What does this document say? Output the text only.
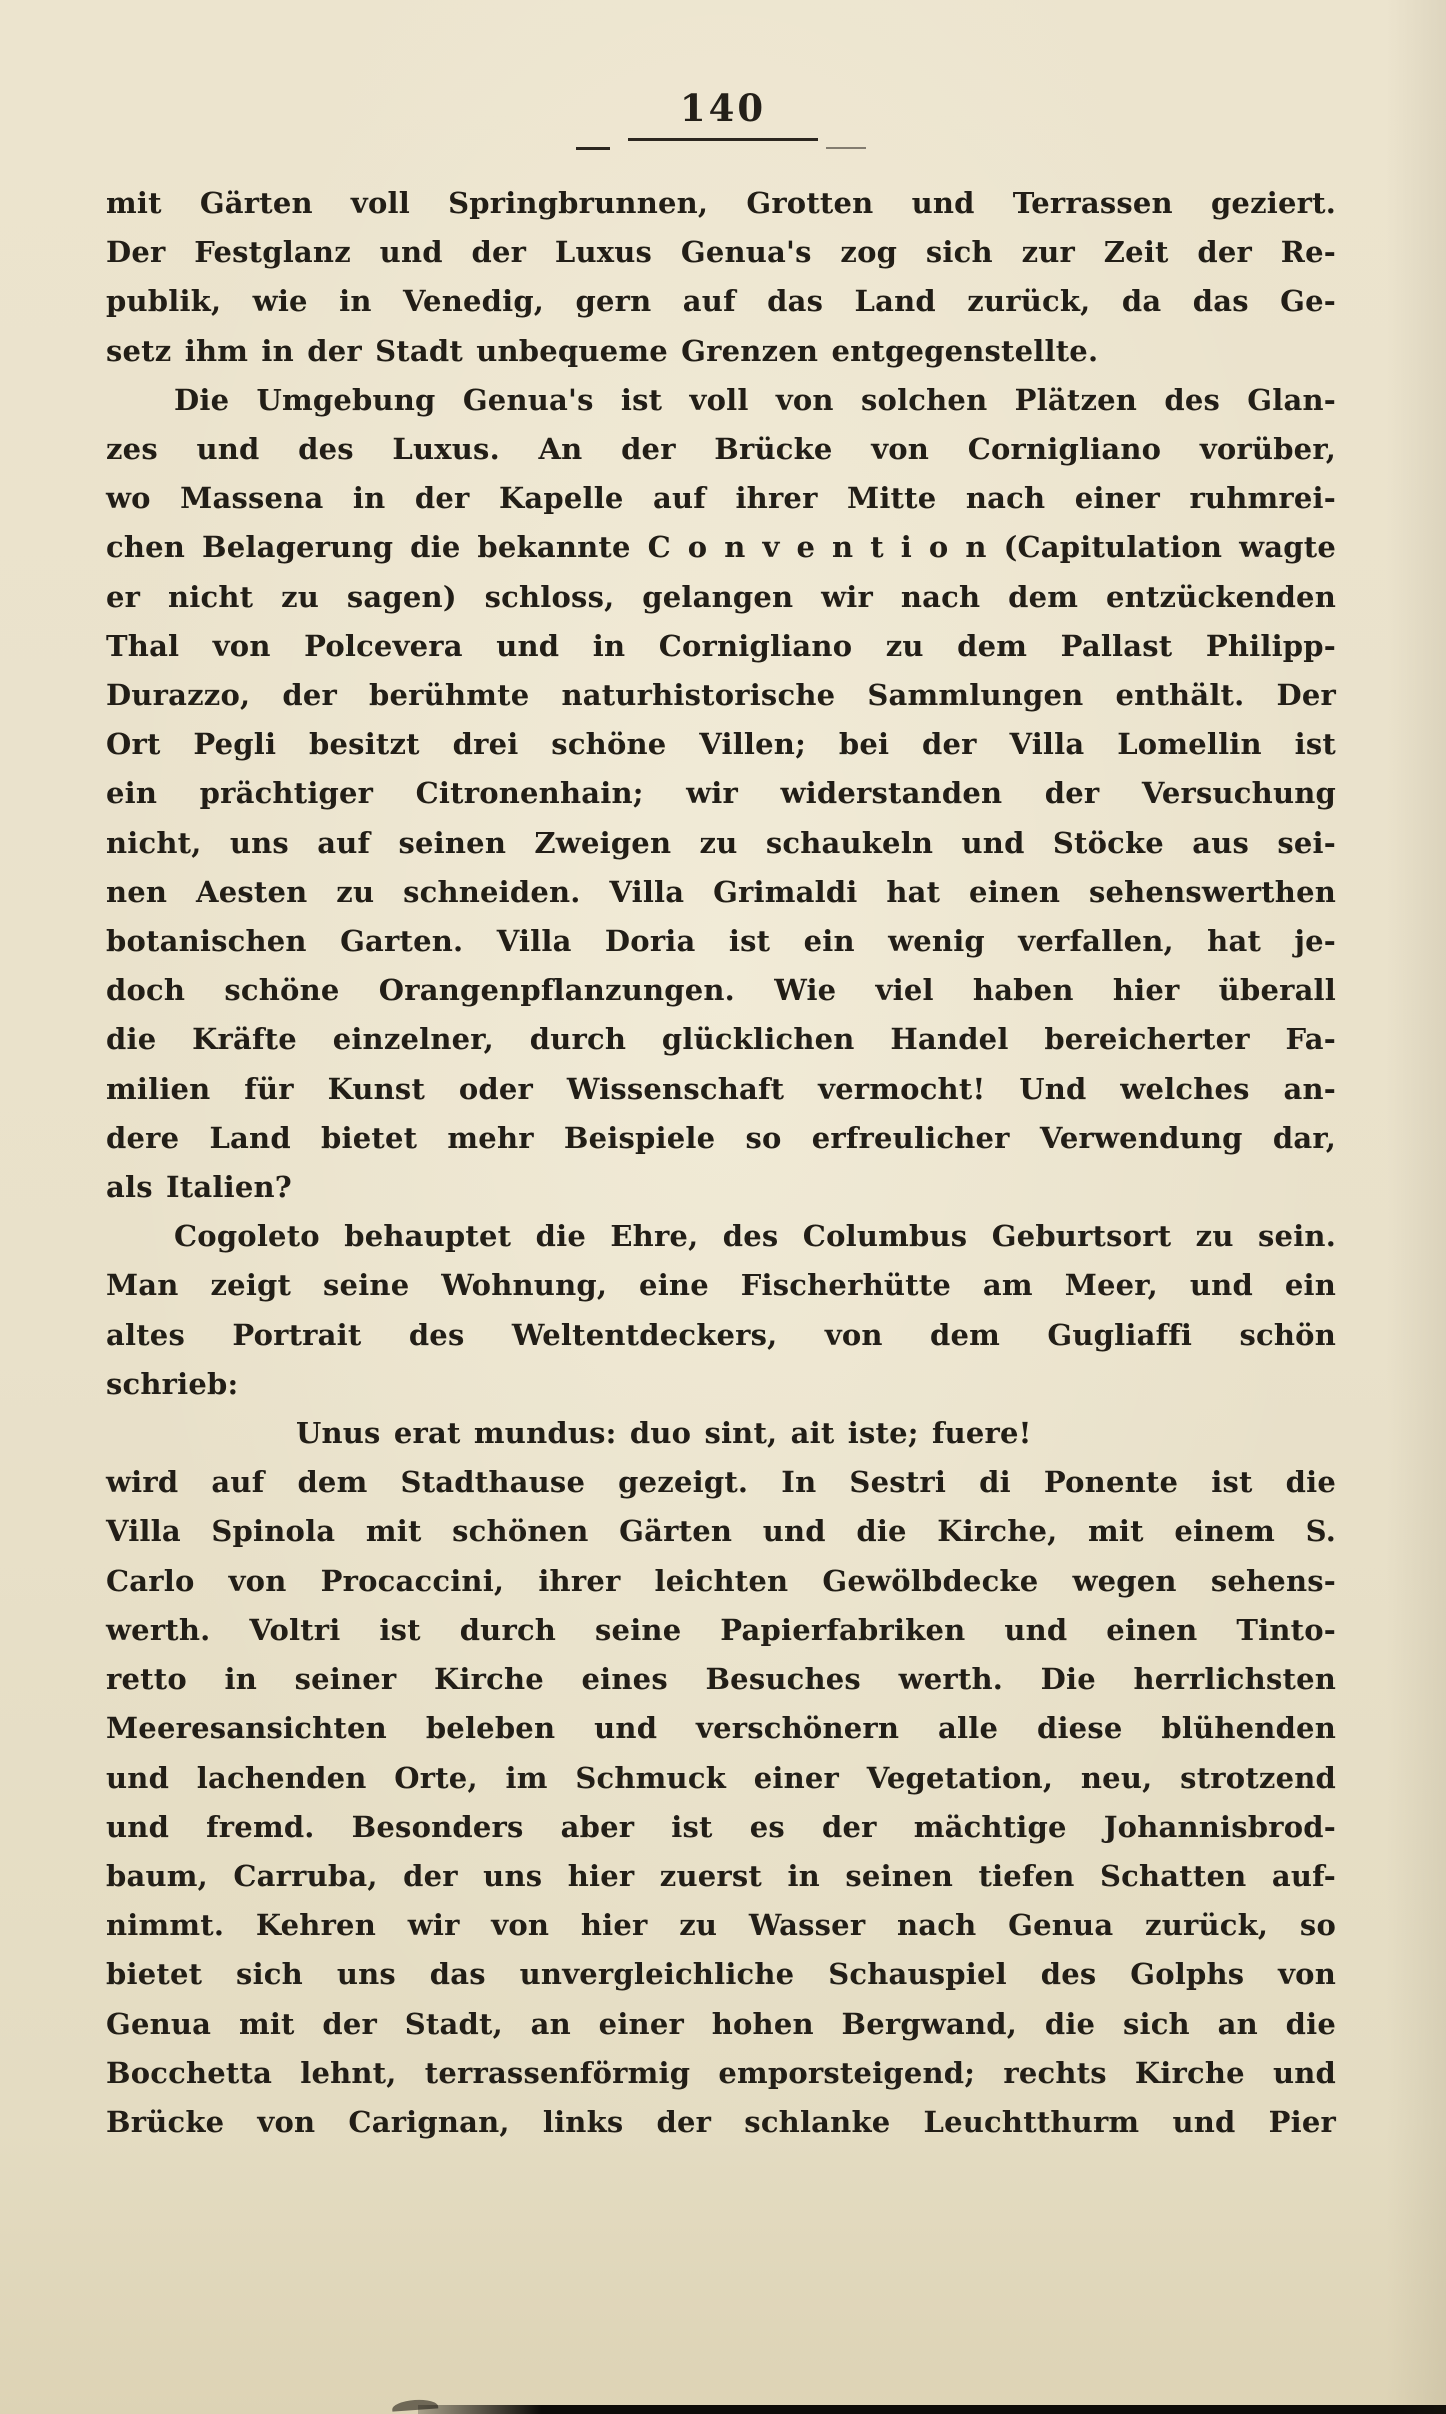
140
mit Gärten voll Springbrunnen, Grotten und Terrassen geziert.
Der Festglanz und der Luxus Genua's zog sich zur Zeit der Re-
publik, wie in Venedig, gern auf das Land zurück, da das Ge-
setz ihm in der Stadt unbequeme Grenzen entgegenstellte.
Die Umgebung Genua's ist voll von solchen Plätzen des Glan-
zes und des Luxus. An der Brücke von Cornigliano vorüber,
wo Massena in der Kapelle auf ihrer Mitte nach einer ruhmrei-
chen Belagerung die bekannte C o n v e n t i o n (Capitulation wagte
er nicht zu sagen) schloss, gelangen wir nach dem entzückenden
Thal von Polcevera und in Cornigliano zu dem Pallast Philipp-
Durazzo, der berühmte naturhistorische Sammlungen enthält. Der
Ort Pegli besitzt drei schöne Villen; bei der Villa Lomellin ist
ein prächtiger Citronenhain; wir widerstanden der Versuchung
nicht, uns auf seinen Zweigen zu schaukeln und Stöcke aus sei-
nen Aesten zu schneiden. Villa Grimaldi hat einen sehenswerthen
botanischen Garten. Villa Doria ist ein wenig verfallen, hat je-
doch schöne Orangenpflanzungen. Wie viel haben hier überall
die Kräfte einzelner, durch glücklichen Handel bereicherter Fa-
milien für Kunst oder Wissenschaft vermocht! Und welches an-
dere Land bietet mehr Beispiele so erfreulicher Verwendung dar,
als Italien?
Cogoleto behauptet die Ehre, des Columbus Geburtsort zu sein.
Man zeigt seine Wohnung, eine Fischerhütte am Meer, und ein
altes Portrait des Weltentdeckers, von dem Gugliaffi schön
schrieb:
Unus erat mundus: duo sint, ait iste; fuere!
wird auf dem Stadthause gezeigt. In Sestri di Ponente ist die
Villa Spinola mit schönen Gärten und die Kirche, mit einem S.
Carlo von Procaccini, ihrer leichten Gewölbdecke wegen sehens-
werth. Voltri ist durch seine Papierfabriken und einen Tinto-
retto in seiner Kirche eines Besuches werth. Die herrlichsten
Meeresansichten beleben und verschönern alle diese blühenden
und lachenden Orte, im Schmuck einer Vegetation, neu, strotzend
und fremd. Besonders aber ist es der mächtige Johannisbrod-
baum, Carruba, der uns hier zuerst in seinen tiefen Schatten auf-
nimmt. Kehren wir von hier zu Wasser nach Genua zurück, so
bietet sich uns das unvergleichliche Schauspiel des Golphs von
Genua mit der Stadt, an einer hohen Bergwand, die sich an die
Bocchetta lehnt, terrassenförmig emporsteigend; rechts Kirche und
Brücke von Carignan, links der schlanke Leuchtthurm und Pier
